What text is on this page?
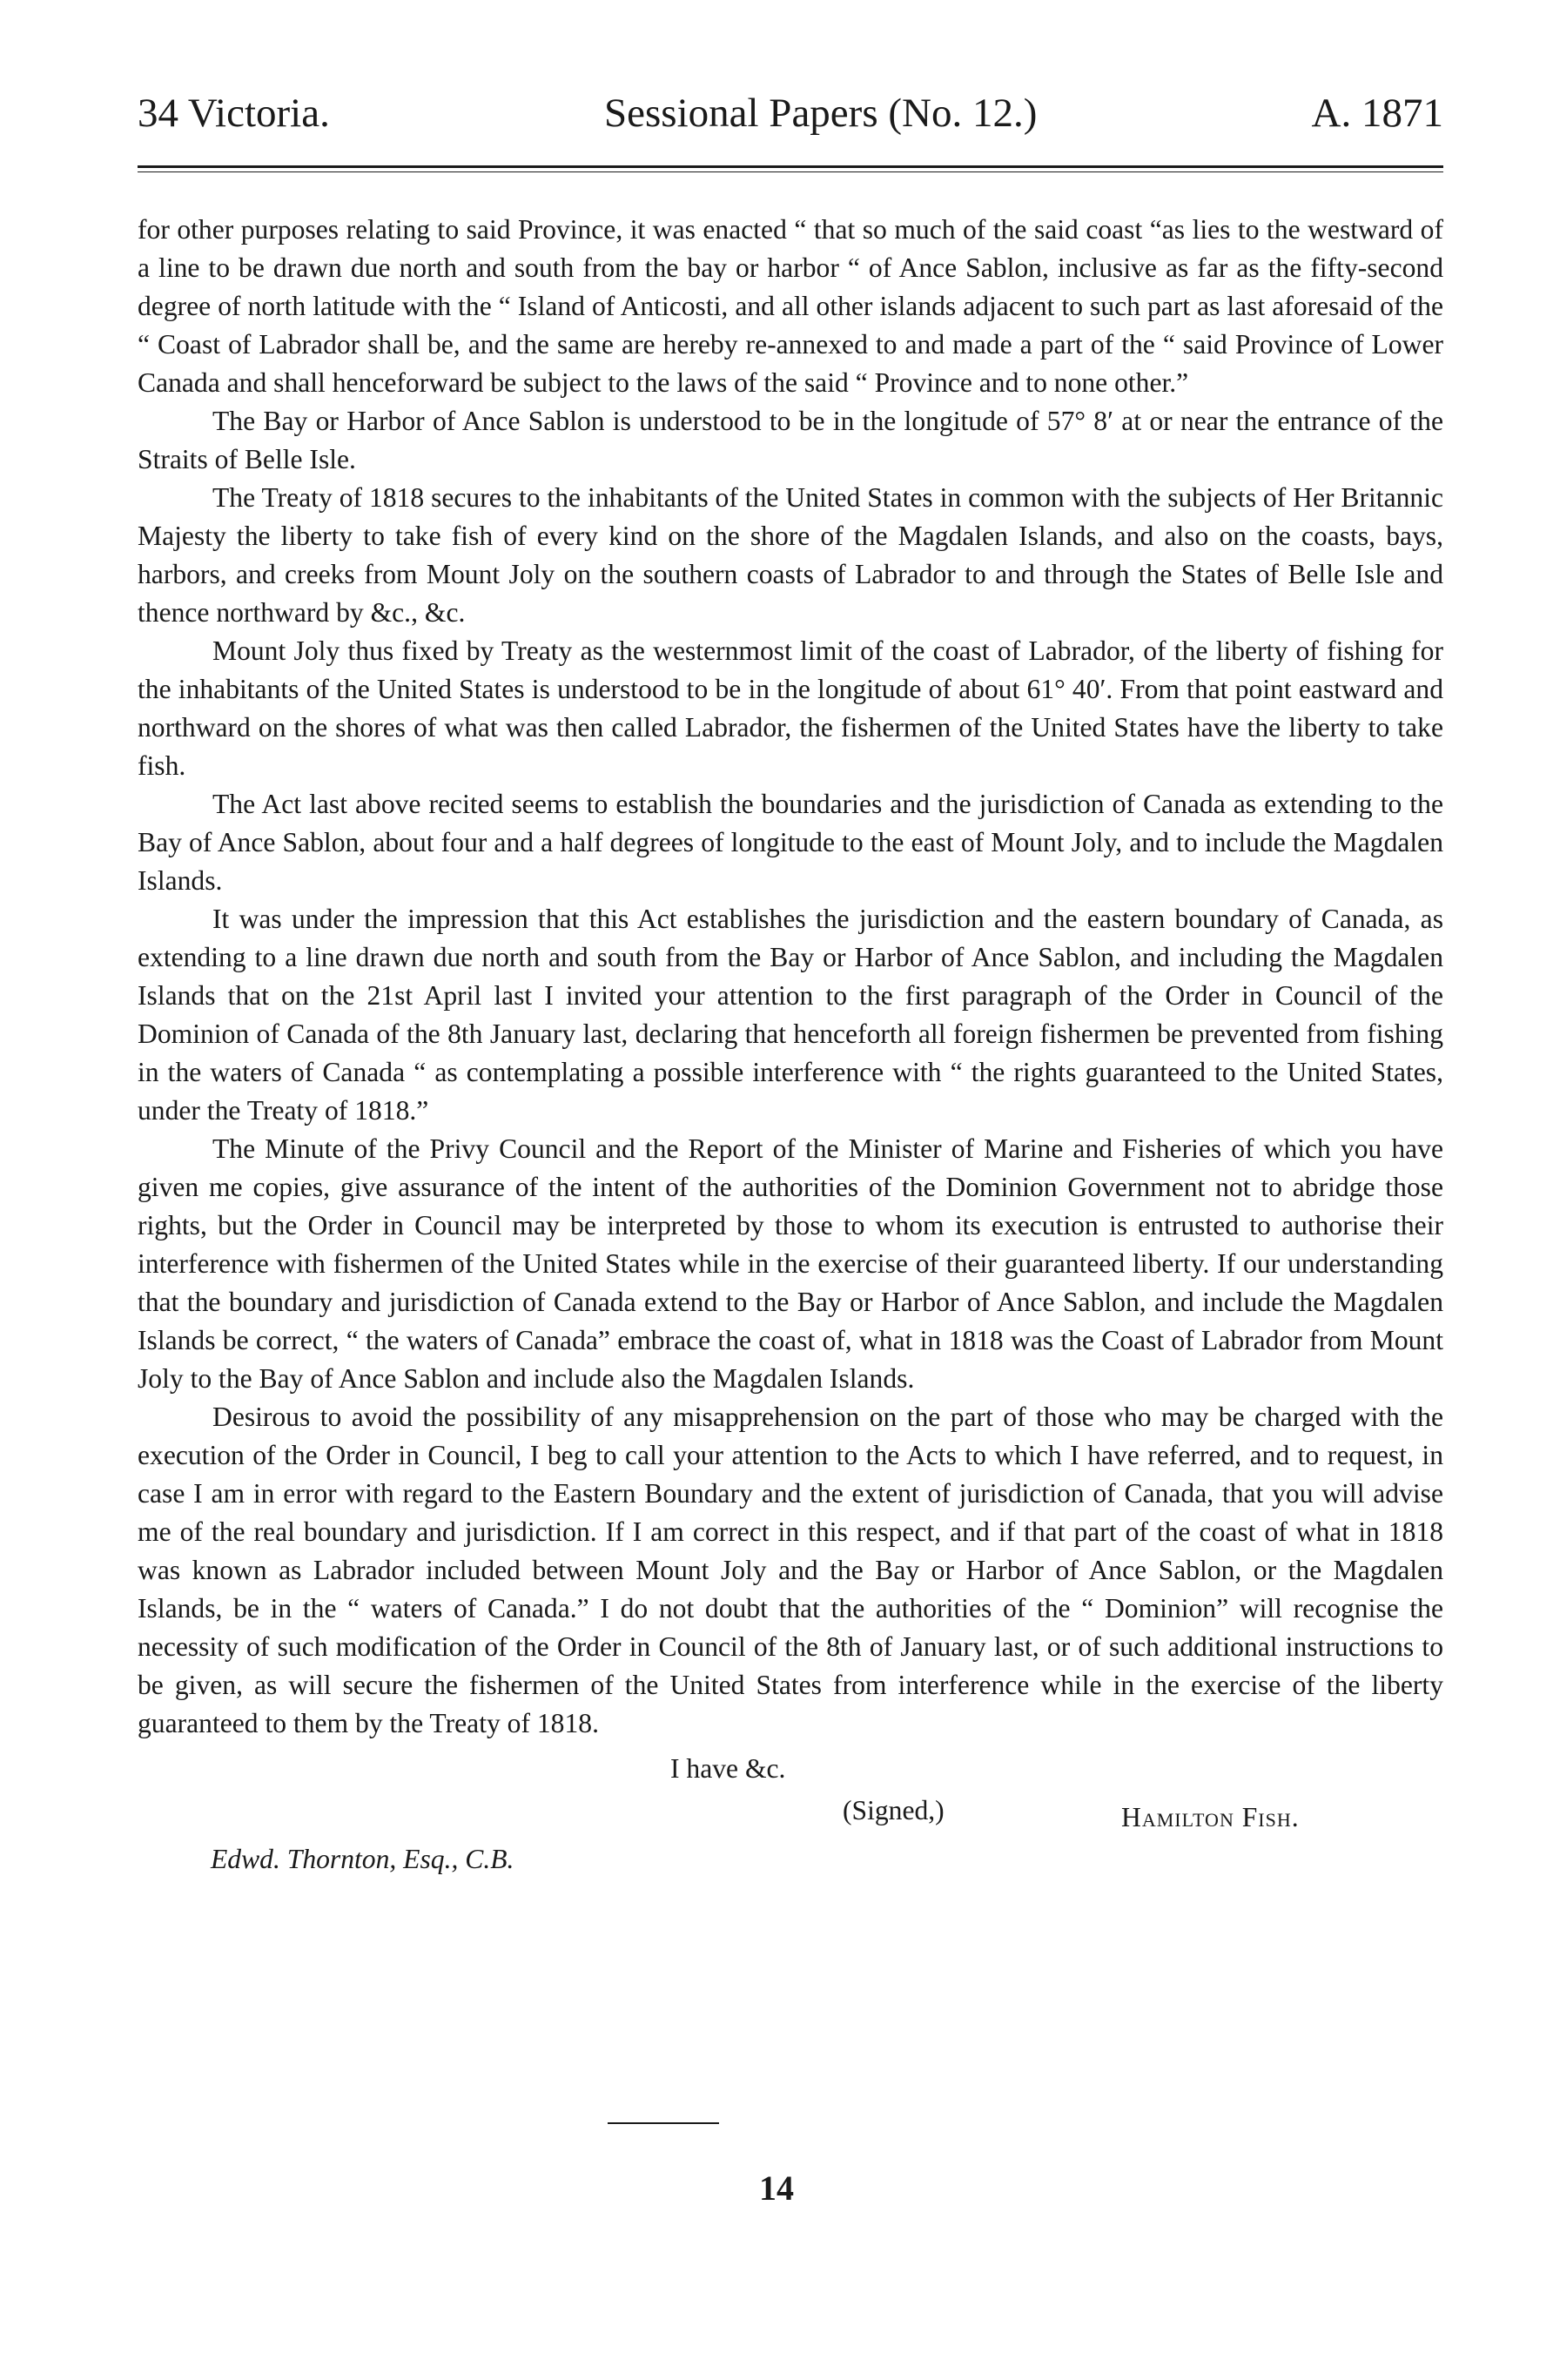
34 Victoria.	Sessional Papers (No. 12.)	A. 1871

for other purposes relating to said Province, it was enacted “ that so much of the said coast “as lies to the westward of a line to be drawn due north and south from the bay or harbor “ of Ance Sablon, inclusive as far as the fifty-second degree of north latitude with the “ Island of Anticosti, and all other islands adjacent to such part as last aforesaid of the “ Coast of Labrador shall be, and the same are hereby re-annexed to and made a part of the “ said Province of Lower Canada and shall henceforward be subject to the laws of the said “ Province and to none other.”

The Bay or Harbor of Ance Sablon is understood to be in the longitude of 57° 8′ at or near the entrance of the Straits of Belle Isle.

The Treaty of 1818 secures to the inhabitants of the United States in common with the subjects of Her Britannic Majesty the liberty to take fish of every kind on the shore of the Magdalen Islands, and also on the coasts, bays, harbors, and creeks from Mount Joly on the southern coasts of Labrador to and through the States of Belle Isle and thence northward by &c., &c.

Mount Joly thus fixed by Treaty as the westernmost limit of the coast of Labrador, of the liberty of fishing for the inhabitants of the United States is understood to be in the longitude of about 61° 40′. From that point eastward and northward on the shores of what was then called Labrador, the fishermen of the United States have the liberty to take fish.

The Act last above recited seems to establish the boundaries and the jurisdiction of Canada as extending to the Bay of Ance Sablon, about four and a half degrees of longitude to the east of Mount Joly, and to include the Magdalen Islands.

It was under the impression that this Act establishes the jurisdiction and the eastern boundary of Canada, as extending to a line drawn due north and south from the Bay or Harbor of Ance Sablon, and including the Magdalen Islands that on the 21st April last I invited your attention to the first paragraph of the Order in Council of the Dominion of Canada of the 8th January last, declaring that henceforth all foreign fishermen be prevented from fishing in the waters of Canada “ as contemplating a possible interference with “ the rights guaranteed to the United States, under the Treaty of 1818.”

The Minute of the Privy Council and the Report of the Minister of Marine and Fisheries of which you have given me copies, give assurance of the intent of the authorities of the Dominion Government not to abridge those rights, but the Order in Council may be interpreted by those to whom its execution is entrusted to authorise their interference with fishermen of the United States while in the exercise of their guaranteed liberty. If our understanding that the boundary and jurisdiction of Canada extend to the Bay or Harbor of Ance Sablon, and include the Magdalen Islands be correct, “ the waters of Canada” embrace the coast of, what in 1818 was the Coast of Labrador from Mount Joly to the Bay of Ance Sablon and include also the Magdalen Islands.

Desirous to avoid the possibility of any misapprehension on the part of those who may be charged with the execution of the Order in Council, I beg to call your attention to the Acts to which I have referred, and to request, in case I am in error with regard to the Eastern Boundary and the extent of jurisdiction of Canada, that you will advise me of the real boundary and jurisdiction. If I am correct in this respect, and if that part of the coast of what in 1818 was known as Labrador included between Mount Joly and the Bay or Harbor of Ance Sablon, or the Magdalen Islands, be in the “ waters of Canada.” I do not doubt that the authorities of the “ Dominion” will recognise the necessity of such modification of the Order in Council of the 8th of January last, or of such additional instructions to be given, as will secure the fishermen of the United States from interference while in the exercise of the liberty guaranteed to them by the Treaty of 1818.

I have &c.
(Signed,)	Hamilton Fish.
Edwd. Thornton, Esq., C.B.
14
